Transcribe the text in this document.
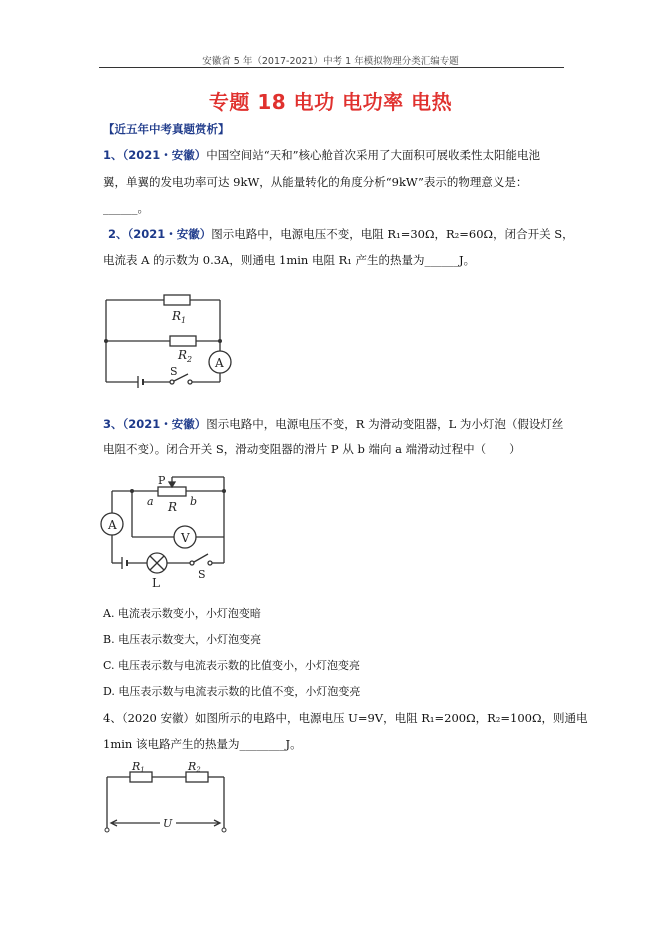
安徽省 5 年（2017-2021）中考 1 年模拟物理分类汇编专题
专题 18 电功 电功率 电热
【近五年中考真题赏析】
1、（2021・安徽）中国空间站“天和”核心舱首次采用了大面积可展收柔性太阳能电池
翼，单翼的发电功率可达 9kW，从能量转化的角度分析“9kW”表示的物理意义是：
______。
2、（2021・安徽）图示电路中，电源电压不变，电阻 R₁=30Ω，R₂=60Ω，闭合开关 S，
电流表 A 的示数为 0.3A，则通电 1min 电阻 R₁ 产生的热量为______J。
$R_1$
$R_2$ A
S
3、（2021・安徽）图示电路中，电源电压不变，R 为滑动变阻器，L 为小灯泡（假设灯丝
电阻不变）。闭合开关 S，滑动变阻器的滑片 P 从 b 端向 a 端滑动过程中（　　）
P
a	b
R
A
V
L
S
A. 电流表示数变小，小灯泡变暗
B. 电压表示数变大，小灯泡变亮
C. 电压表示数与电流表示数的比值变小，小灯泡变亮
D. 电压表示数与电流表示数的比值不变，小灯泡变亮
4、（2020 安徽）如图所示的电路中，电源电压 U=9V，电阻 R₁=200Ω，R₂=100Ω，则通电
1min 该电路产生的热量为________J。
R1	R2
U
